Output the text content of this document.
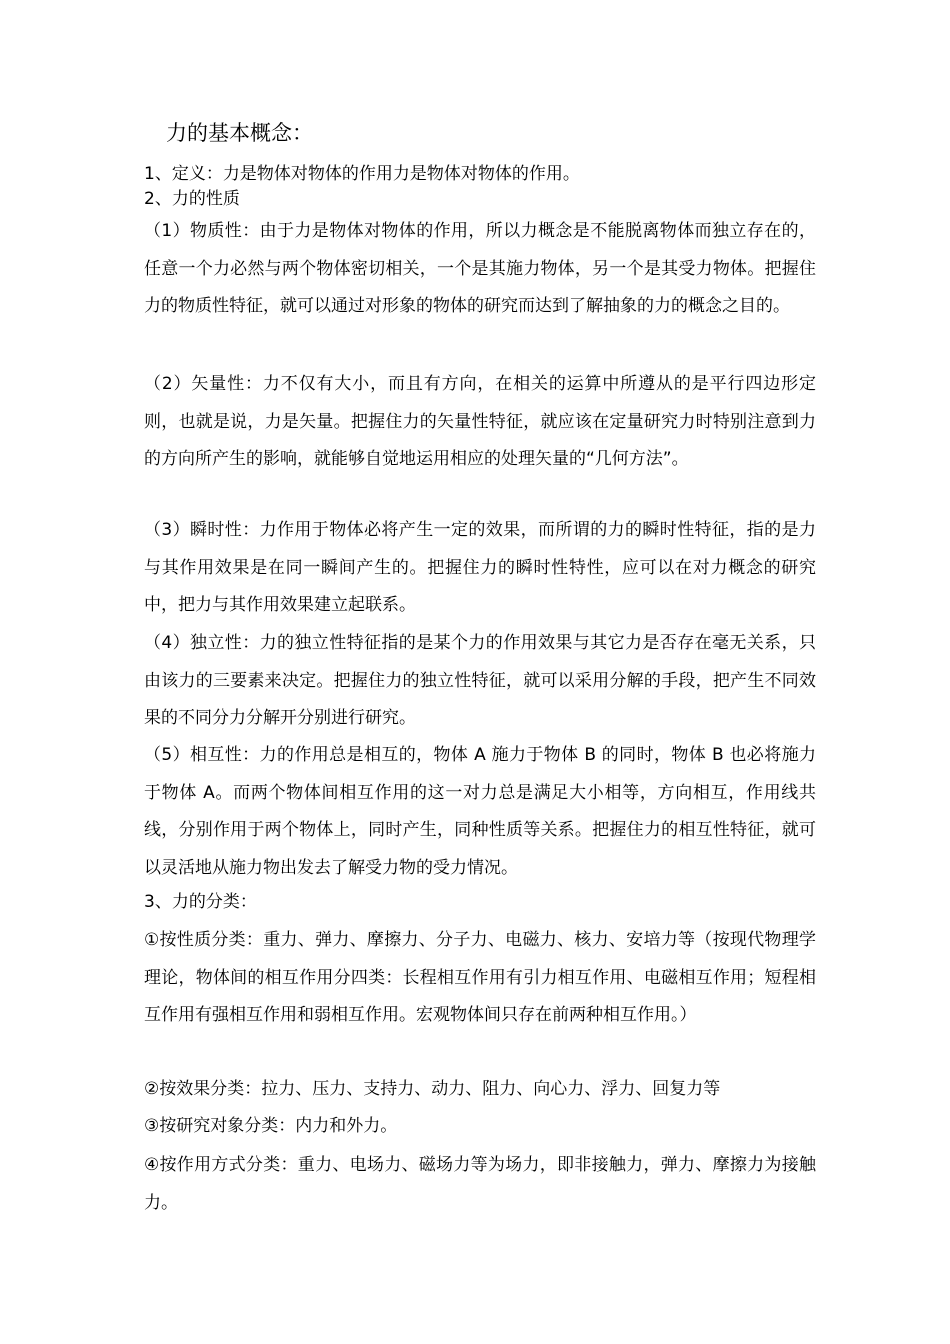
力的基本概念：
1、定义：力是物体对物体的作用力是物体对物体的作用。
2、力的性质
（1）物质性：由于力是物体对物体的作用，所以力概念是不能脱离物体而独立存在的，任意一个力必然与两个物体密切相关，一个是其施力物体，另一个是其受力物体。把握住力的物质性特征，就可以通过对形象的物体的研究而达到了解抽象的力的概念之目的。
（2）矢量性：力不仅有大小，而且有方向，在相关的运算中所遵从的是平行四边形定则，也就是说，力是矢量。把握住力的矢量性特征，就应该在定量研究力时特别注意到力的方向所产生的影响，就能够自觉地运用相应的处理矢量的“几何方法”。
（3）瞬时性：力作用于物体必将产生一定的效果，而所谓的力的瞬时性特征，指的是力与其作用效果是在同一瞬间产生的。把握住力的瞬时性特性，应可以在对力概念的研究中，把力与其作用效果建立起联系。
（4）独立性：力的独立性特征指的是某个力的作用效果与其它力是否存在毫无关系，只由该力的三要素来决定。把握住力的独立性特征，就可以采用分解的手段，把产生不同效果的不同分力分解开分别进行研究。
（5）相互性：力的作用总是相互的，物体 A 施力于物体 B 的同时，物体 B 也必将施力于物体 A。而两个物体间相互作用的这一对力总是满足大小相等，方向相互，作用线共线，分别作用于两个物体上，同时产生，同种性质等关系。把握住力的相互性特征，就可以灵活地从施力物出发去了解受力物的受力情况。
3、力的分类：
①按性质分类：重力、弹力、摩擦力、分子力、电磁力、核力、安培力等（按现代物理学理论，物体间的相互作用分四类：长程相互作用有引力相互作用、电磁相互作用；短程相互作用有强相互作用和弱相互作用。宏观物体间只存在前两种相互作用。）
②按效果分类：拉力、压力、支持力、动力、阻力、向心力、浮力、回复力等
③按研究对象分类：内力和外力。
④按作用方式分类：重力、电场力、磁场力等为场力，即非接触力，弹力、摩擦力为接触力。
